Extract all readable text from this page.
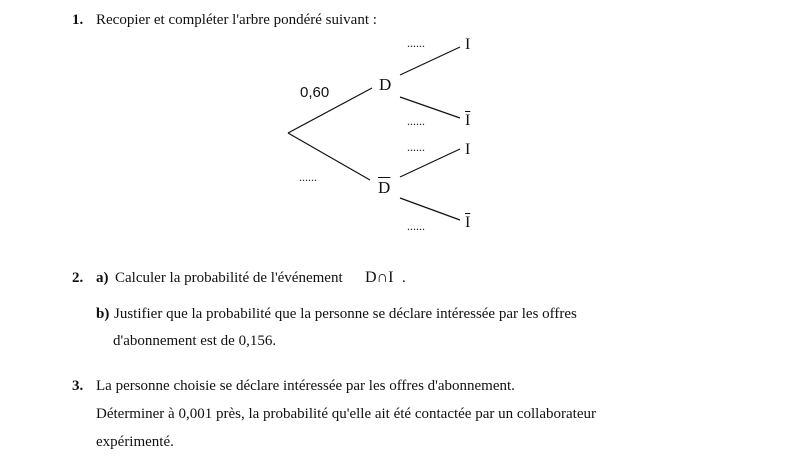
1. Recopier et compléter l'arbre pondéré suivant :
0,60
......
......
......
......
......
D
$\overline{D}$
I
$\overline{I}$
I
$\overline{I}$
2. a) Calculer la probabilité de l'événement D∩I .
b) Justifier que la probabilité que la personne se déclare intéressée par les offres
d'abonnement est de 0,156.
3. La personne choisie se déclare intéressée par les offres d'abonnement.
Déterminer à 0,001 près, la probabilité qu'elle ait été contactée par un collaborateur
expérimenté.
